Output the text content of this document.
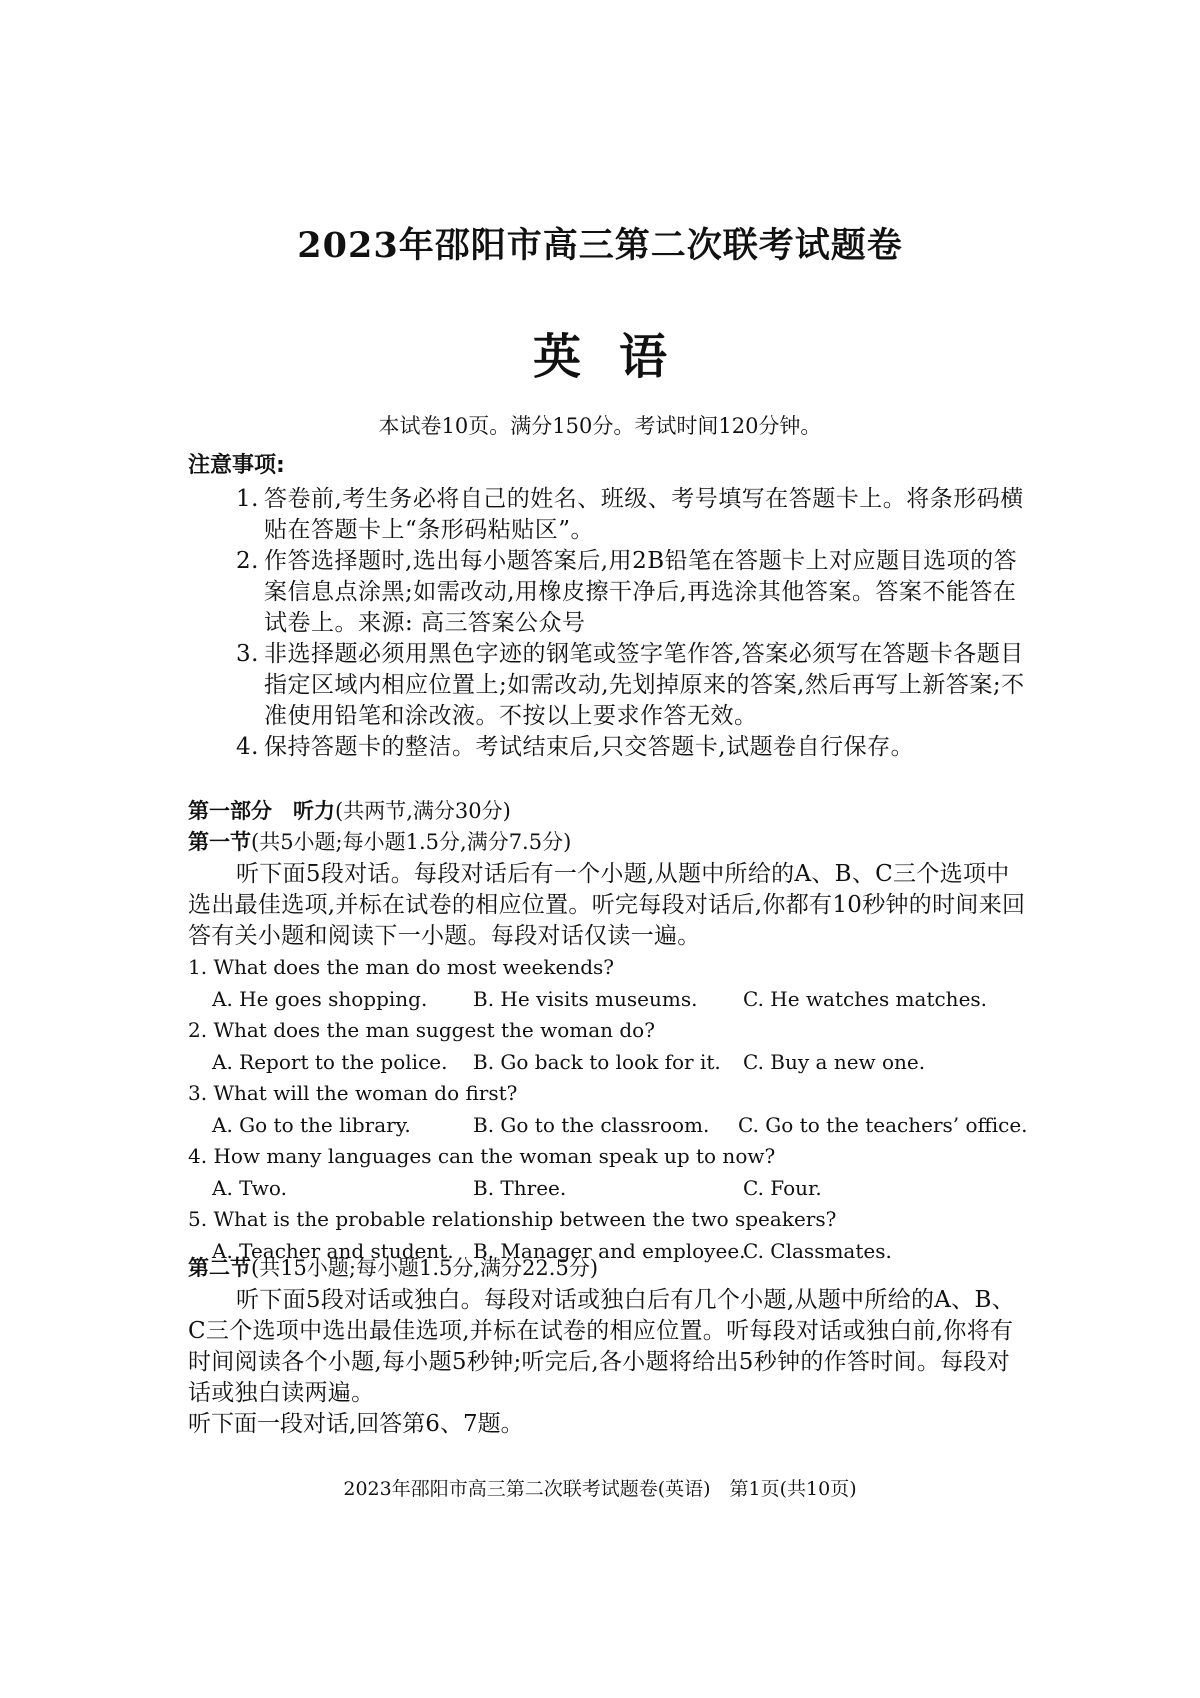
2023年邵阳市高三第二次联考试题卷
英语
本试卷10页。满分150分。考试时间120分钟。
注意事项:
1. 答卷前,考生务必将自己的姓名、班级、考号填写在答题卡上。将条形码横贴在答题卡上“条形码粘贴区”。
2. 作答选择题时,选出每小题答案后,用2B铅笔在答题卡上对应题目选项的答案信息点涂黑;如需改动,用橡皮擦干净后,再选涂其他答案。答案不能答在试卷上。来源: 高三答案公众号
3. 非选择题必须用黑色字迹的钢笔或签字笔作答,答案必须写在答题卡各题目指定区域内相应位置上;如需改动,先划掉原来的答案,然后再写上新答案;不准使用铅笔和涂改液。不按以上要求作答无效。
4. 保持答题卡的整洁。考试结束后,只交答题卡,试题卷自行保存。
第一部分　听力(共两节,满分30分)

第一节(共5小题;每小题1.5分,满分7.5分)

听下面5段对话。每段对话后有一个小题,从题中所给的A、B、C三个选项中选出最佳选项,并标在试卷的相应位置。听完每段对话后,你都有10秒钟的时间来回答有关小题和阅读下一小题。每段对话仅读一遍。

1. What does the man do most weekends?
A. He goes shopping. B. He visits museums. C. He watches matches.
2. What does the man suggest the woman do?
A. Report to the police. B. Go back to look for it. C. Buy a new one.
3. What will the woman do first?
A. Go to the library.	B. Go to the classroom. C. Go to the teachers’ office.
4. How many languages can the woman speak up to now?
A. Two.	B. Three.	C. Four.
5. What is the probable relationship between the two speakers?
A. Teacher and student. B. Manager and employee.
C. Classmates.

第二节(共15小题;每小题1.5分,满分22.5分)

听下面5段对话或独白。每段对话或独白后有几个小题,从题中所给的A、B、C三个选项中选出最佳选项,并标在试卷的相应位置。听每段对话或独白前,你将有时间阅读各个小题,每小题5秒钟;听完后,各小题将给出5秒钟的作答时间。每段对话或独白读两遍。

听下面一段对话,回答第6、7题。

2023年邵阳市高三第二次联考试题卷(英语)　第1页(共10页)
